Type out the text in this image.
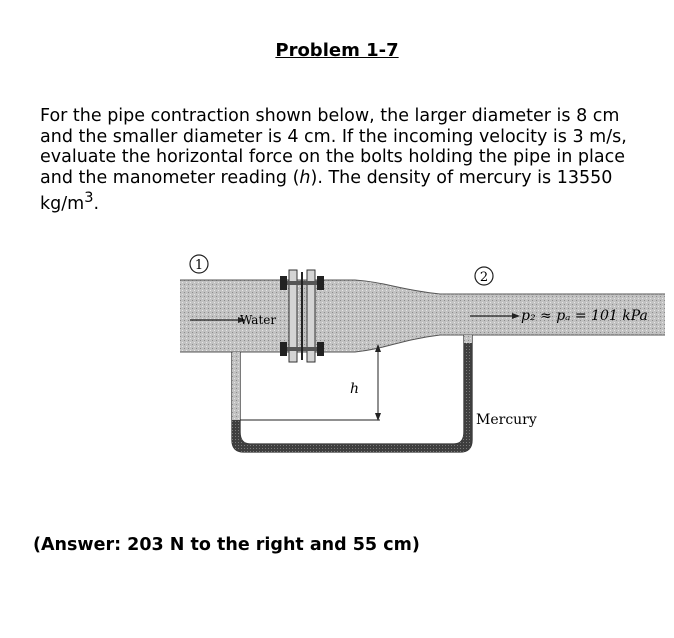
Problem 1-7
For the pipe contraction shown below, the larger diameter is 8 cm and the smaller diameter is 4 cm. If the incoming velocity is 3 m/s, evaluate the horizontal force on the bolts holding the pipe in place and the manometer reading (h). The density of mercury is 13550 $kg/m^3$.
1
2
Water	p₂ ≈ pₐ = 101 kPa
h
Mercury
(Answer: 203 N to the right and 55 cm)
